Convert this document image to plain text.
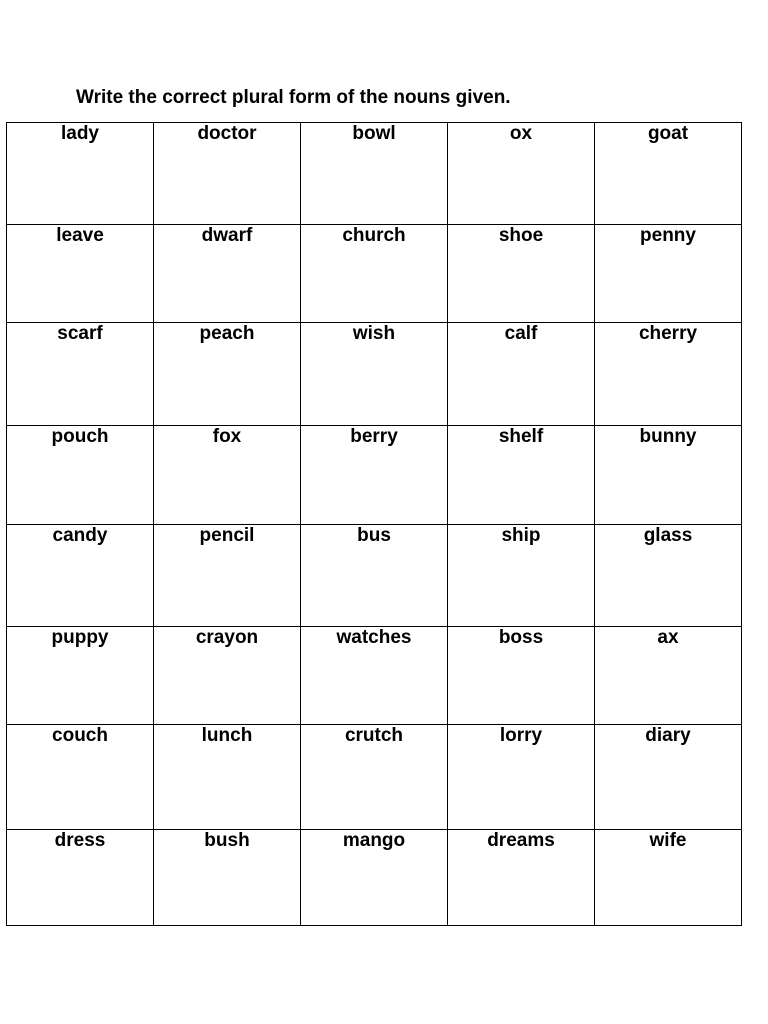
Write the correct plural form of the nouns given.
lady	doctor	bowl	ox	goat

leave	dwarf	church	shoe	penny

scarf	peach	wish	calf	cherry

pouch	fox	berry	shelf	bunny

candy	pencil	bus	ship	glass

puppy	crayon	watches	boss	ax

couch	lunch	crutch	lorry	diary

dress	bush	mango	dreams	wife
